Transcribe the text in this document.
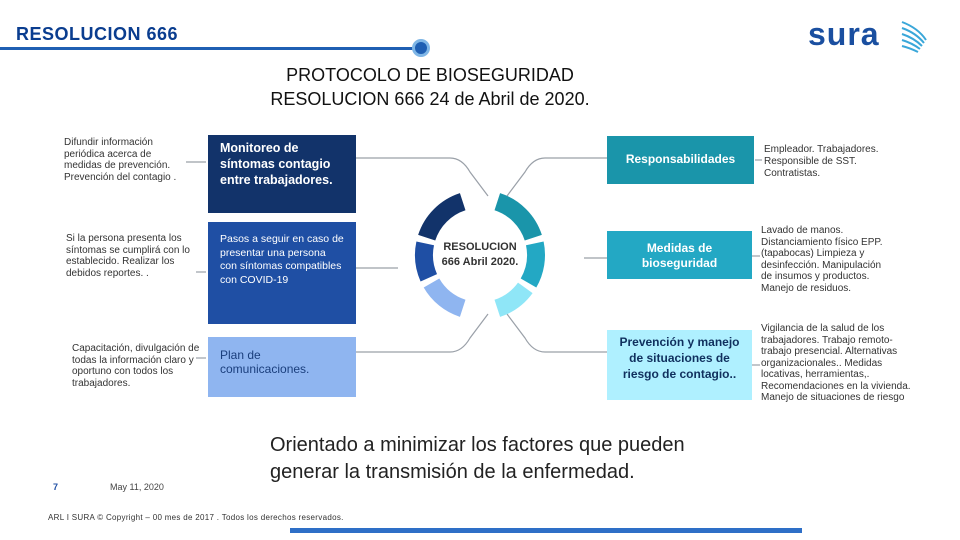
RESOLUCION 666
PROTOCOLO DE BIOSEGURIDAD
RESOLUCION 666 24 de Abril de 2020.
sura
RESOLUCION
666 Abril 2020.
Difundir información periódica acerca de medidas de prevención. Prevención del contagio .
Si la persona presenta los síntomas se cumplirá con lo establecido. Realizar los debidos reportes. .
Capacitación, divulgación de todas la información claro y oportuno con todos los trabajadores.
Monitoreo de síntomas contagio entre trabajadores.
Pasos a seguir en caso de presentar una persona con síntomas compatibles con COVID-19
Plan de comunicaciones.
Responsabilidades
Medidas de bioseguridad
Prevención y manejo de situaciones de riesgo de contagio..
Empleador. Trabajadores. Responsible de SST. Contratistas.
Lavado de manos. Distanciamiento físico EPP.(tapabocas) Limpieza y desinfección. Manipulación de insumos y productos. Manejo de residuos.
Vigilancia de la salud de los trabajadores. Trabajo remoto- trabajo presencial. Alternativas organizacionales.. Medidas locativas, herramientas,. Recomendaciones en la vivienda. Manejo de situaciones de riesgo
Orientado a minimizar los factores que pueden
generar la transmisión de la enfermedad.
7	May 11, 2020
ARL I SURA © Copyright – 00 mes de 2017 . Todos los derechos reservados.
